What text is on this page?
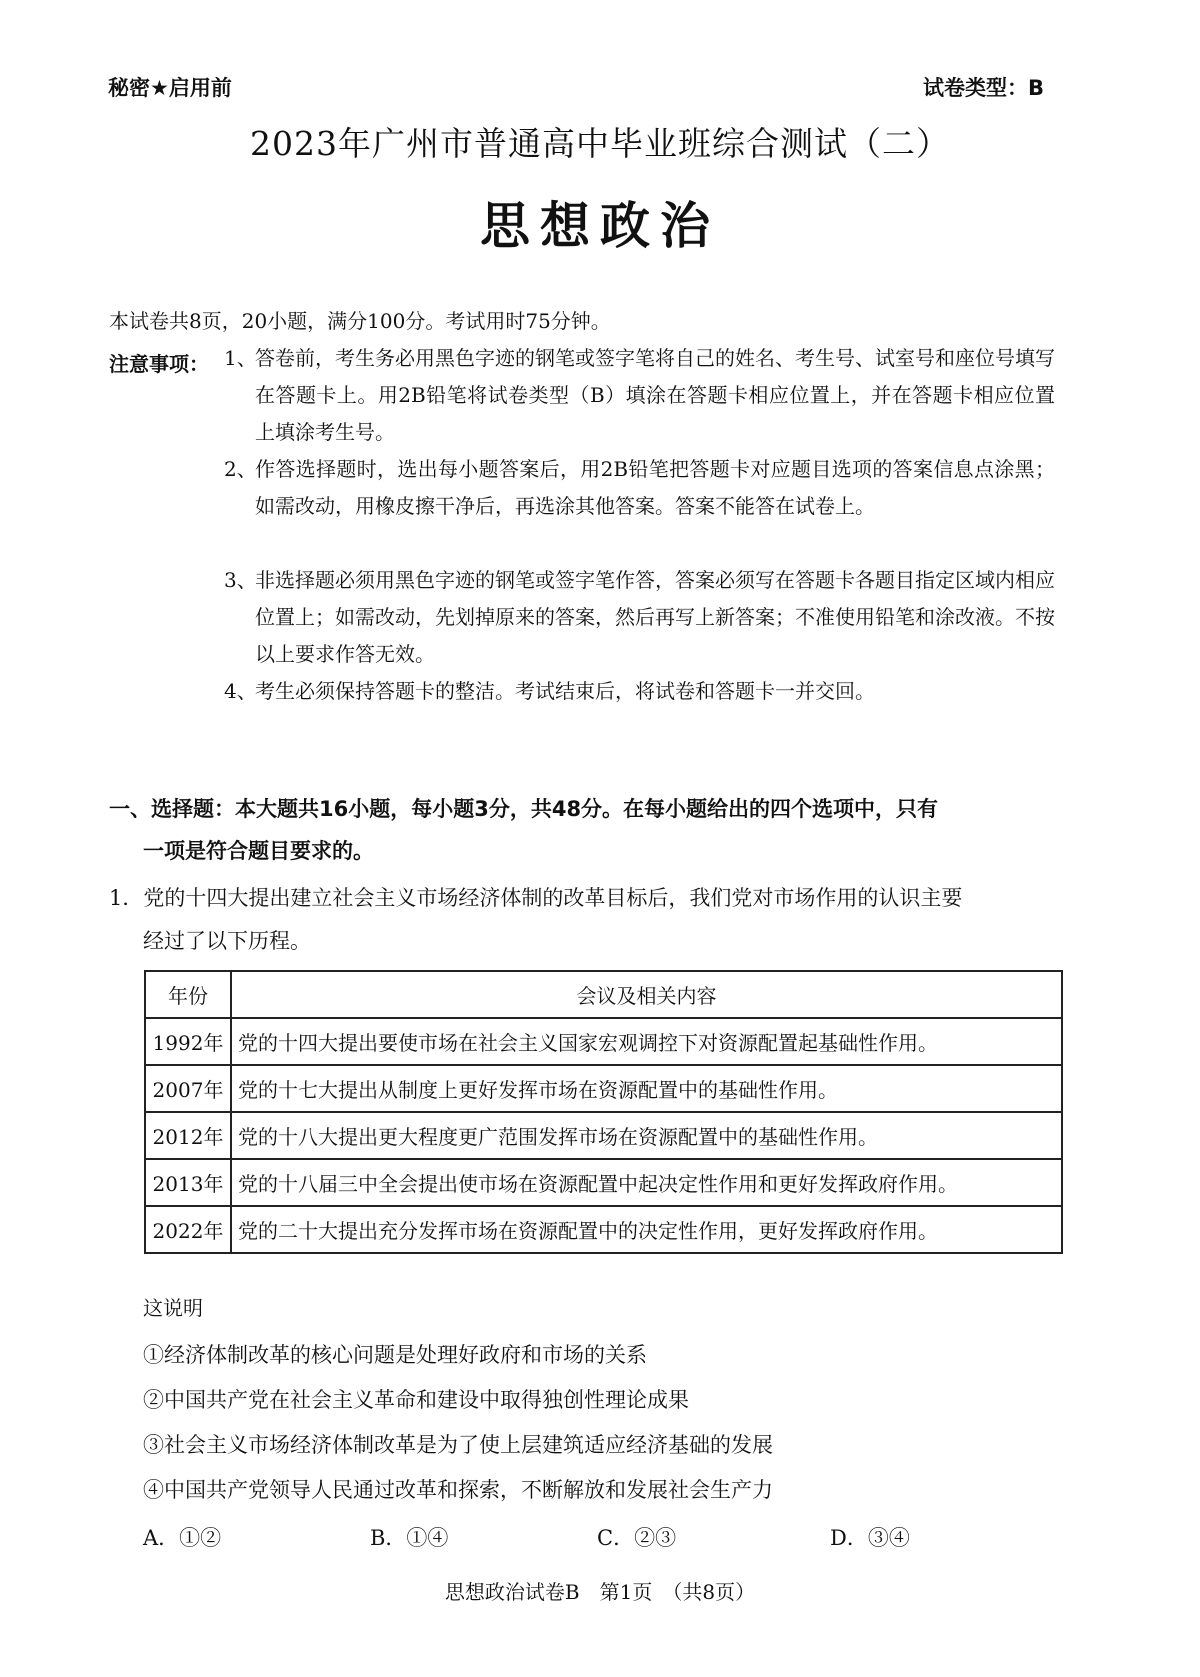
秘密★启用前	试卷类型：B
2023年广州市普通高中毕业班综合测试（二）
思想政治
本试卷共8页，20小题，满分100分。考试用时75分钟。
注意事项： 1、答卷前，考生务必用黑色字迹的钢笔或签字笔将自己的姓名、考生号、试室号和座位号填写在答题卡上。用2B铅笔将试卷类型（B）填涂在答题卡相应位置上，并在答题卡相应位置上填涂考生号。
2、作答选择题时，选出每小题答案后，用2B铅笔把答题卡对应题目选项的答案信息点涂黑；如需改动，用橡皮擦干净后，再选涂其他答案。答案不能答在试卷上。
3、非选择题必须用黑色字迹的钢笔或签字笔作答，答案必须写在答题卡各题目指定区域内相应位置上；如需改动，先划掉原来的答案，然后再写上新答案；不准使用铅笔和涂改液。不按以上要求作答无效。
4、考生必须保持答题卡的整洁。考试结束后，将试卷和答题卡一并交回。
一、选择题：本大题共16小题，每小题3分，共48分。在每小题给出的四个选项中，只有
一项是符合题目要求的。
1．党的十四大提出建立社会主义市场经济体制的改革目标后，我们党对市场作用的认识主要
经过了以下历程。
年份	会议及相关内容
1992年	党的十四大提出要使市场在社会主义国家宏观调控下对资源配置起基础性作用。
2007年	党的十七大提出从制度上更好发挥市场在资源配置中的基础性作用。
2012年	党的十八大提出更大程度更广范围发挥市场在资源配置中的基础性作用。
2013年	党的十八届三中全会提出使市场在资源配置中起决定性作用和更好发挥政府作用。
2022年	党的二十大提出充分发挥市场在资源配置中的决定性作用，更好发挥政府作用。
这说明
①经济体制改革的核心问题是处理好政府和市场的关系
②中国共产党在社会主义革命和建设中取得独创性理论成果
③社会主义市场经济体制改革是为了使上层建筑适应经济基础的发展
④中国共产党领导人民通过改革和探索，不断解放和发展社会生产力
A．①②	B．①④	C．②③	D．③④
思想政治试卷B　第1页　（共8页）
